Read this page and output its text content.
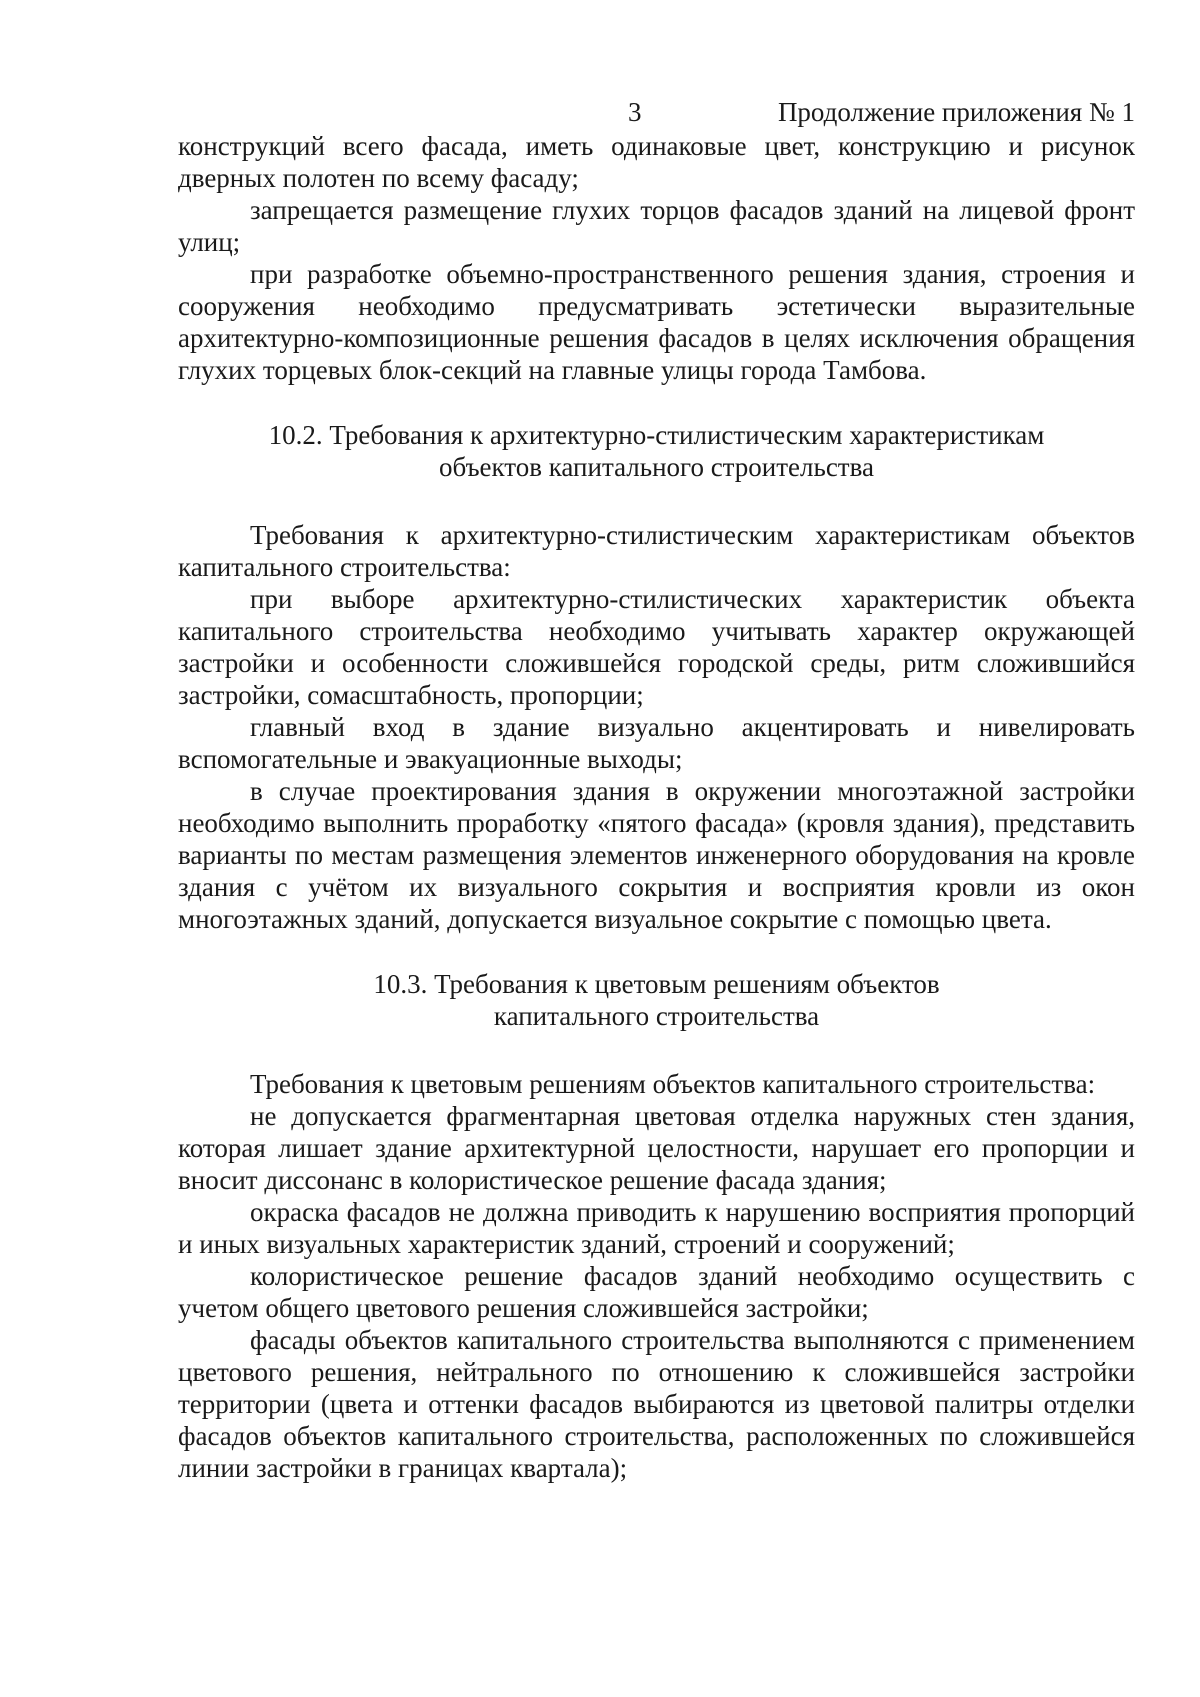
3	Продолжение приложения № 1

конструкций всего фасада, иметь одинаковые цвет, конструкцию и рисунок дверных полотен по всему фасаду;

запрещается размещение глухих торцов фасадов зданий на лицевой фронт улиц;

при разработке объемно-пространственного решения здания, строения и сооружения необходимо предусматривать эстетически выразительные архитектурно-композиционные решения фасадов в целях исключения обращения глухих торцевых блок-секций на главные улицы города Тамбова.

10.2. Требования к архитектурно-стилистическим характеристикам
объектов капитального строительства

Требования к архитектурно-стилистическим характеристикам объектов капитального строительства:

при выборе архитектурно-стилистических характеристик объекта капитального строительства необходимо учитывать характер окружающей застройки и особенности сложившейся городской среды, ритм сложившийся застройки, сомасштабность, пропорции;

главный вход в здание визуально акцентировать и нивелировать вспомогательные и эвакуационные выходы;

в случае проектирования здания в окружении многоэтажной застройки необходимо выполнить проработку «пятого фасада» (кровля здания), представить варианты по местам размещения элементов инженерного оборудования на кровле здания с учётом их визуального сокрытия и восприятия кровли из окон многоэтажных зданий, допускается визуальное сокрытие с помощью цвета.

10.3. Требования к цветовым решениям объектов
капитального строительства

Требования к цветовым решениям объектов капитального строительства:

не допускается фрагментарная цветовая отделка наружных стен здания, которая лишает здание архитектурной целостности, нарушает его пропорции и вносит диссонанс в колористическое решение фасада здания;

окраска фасадов не должна приводить к нарушению восприятия пропорций и иных визуальных характеристик зданий, строений и сооружений;

колористическое решение фасадов зданий необходимо осуществить с учетом общего цветового решения сложившейся застройки;

фасады объектов капитального строительства выполняются с применением цветового решения, нейтрального по отношению к сложившейся застройки территории (цвета и оттенки фасадов выбираются из цветовой палитры отделки фасадов объектов капитального строительства, расположенных по сложившейся линии застройки в границах квартала);
